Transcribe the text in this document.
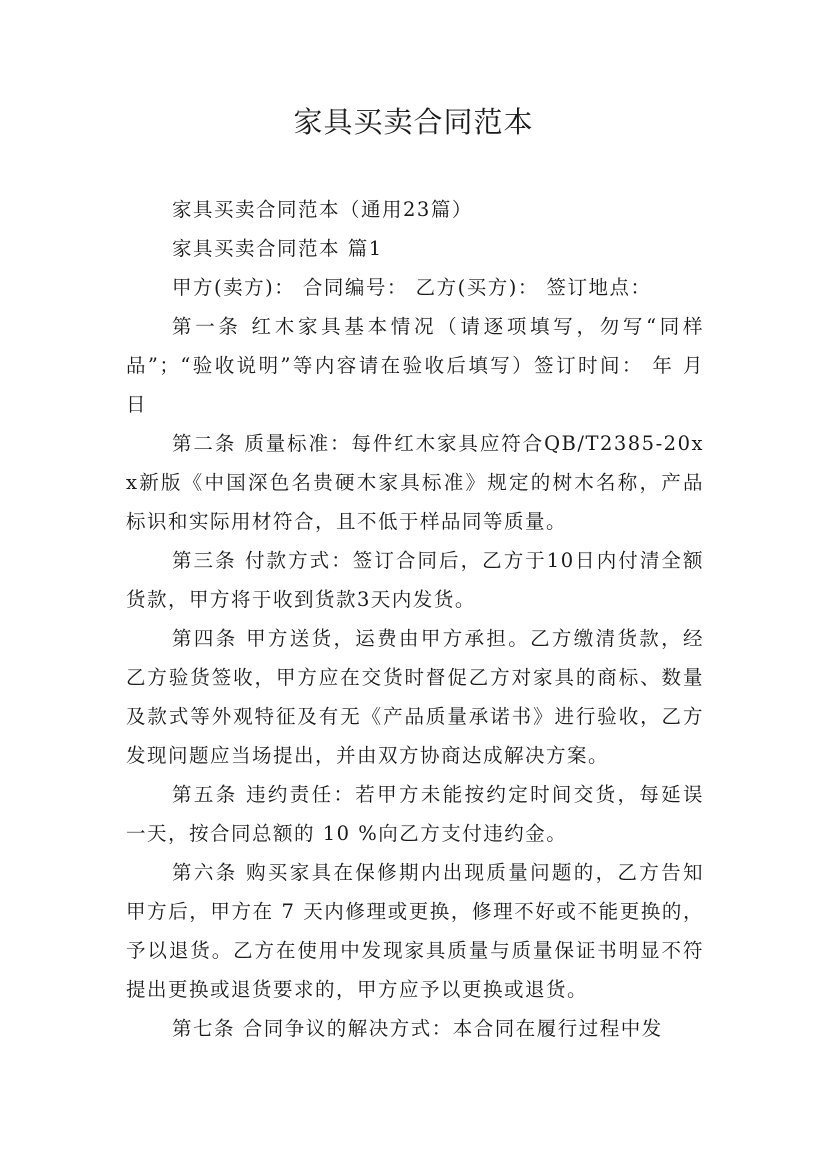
家具买卖合同范本

家具买卖合同范本（通用23篇）

家具买卖合同范本 篇1

甲方(卖方)： 合同编号： 乙方(买方)： 签订地点：

第一条 红木家具基本情况（请逐项填写，勿写“同样品”；“验收说明”等内容请在验收后填写）签订时间： 年 月 日

第二条 质量标准：每件红木家具应符合QB/T2385-20xx新版《中国深色名贵硬木家具标准》规定的树木名称，产品标识和实际用材符合，且不低于样品同等质量。

第三条 付款方式：签订合同后，乙方于10日内付清全额货款，甲方将于收到货款3天内发货。

第四条 甲方送货，运费由甲方承担。乙方缴清货款，经乙方验货签收，甲方应在交货时督促乙方对家具的商标、数量及款式等外观特征及有无《产品质量承诺书》进行验收，乙方发现问题应当场提出，并由双方协商达成解决方案。

第五条 违约责任：若甲方未能按约定时间交货，每延误一天，按合同总额的 10 %向乙方支付违约金。

第六条 购买家具在保修期内出现质量问题的，乙方告知甲方后，甲方在 7 天内修理或更换，修理不好或不能更换的，予以退货。乙方在使用中发现家具质量与质量保证书明显不符提出更换或退货要求的，甲方应予以更换或退货。

第七条 合同争议的解决方式：本合同在履行过程中发
